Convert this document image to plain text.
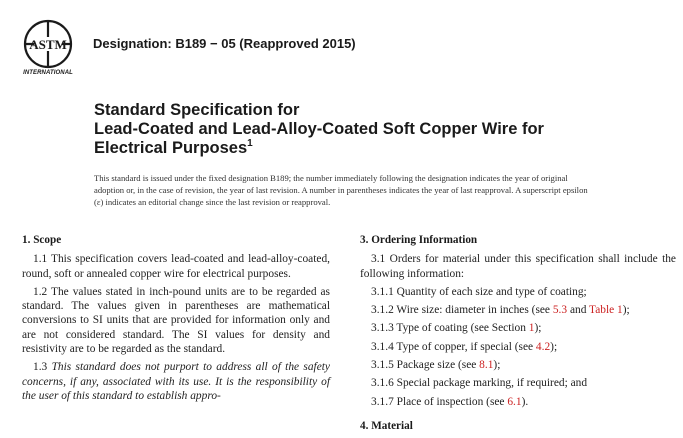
ASTM
INTERNATIONAL
Designation: B189 − 05 (Reapproved 2015)
Standard Specification for
Lead-Coated and Lead-Alloy-Coated Soft Copper Wire for
Electrical Purposes$^1$
This standard is issued under the fixed designation B189; the number immediately following the designation indicates the year of original adoption or, in the case of revision, the year of last revision. A number in parentheses indicates the year of last reapproval. A superscript epsilon (ε) indicates an editorial change since the last revision or reapproval.
1. Scope

1.1 This specification covers lead-coated and lead-alloy-coated, round, soft or annealed copper wire for electrical purposes.

1.2 The values stated in inch-pound units are to be regarded as standard. The values given in parentheses are mathematical conversions to SI units that are provided for information only and are not considered standard. The SI values for density and resistivity are to be regarded as the standard.

1.3 This standard does not purport to address all of the safety concerns, if any, associated with its use. It is the responsibility of the user of this standard to establish appro-

3. Ordering Information

3.1 Orders for material under this specification shall include the following information:

3.1.1 Quantity of each size and type of coating;
3.1.2 Wire size: diameter in inches (see 5.3 and Table 1);
3.1.3 Type of coating (see Section 1);
3.1.4 Type of copper, if special (see 4.2);
3.1.5 Package size (see 8.1);
3.1.6 Special package marking, if required; and
3.1.7 Place of inspection (see 6.1).
4. Material
